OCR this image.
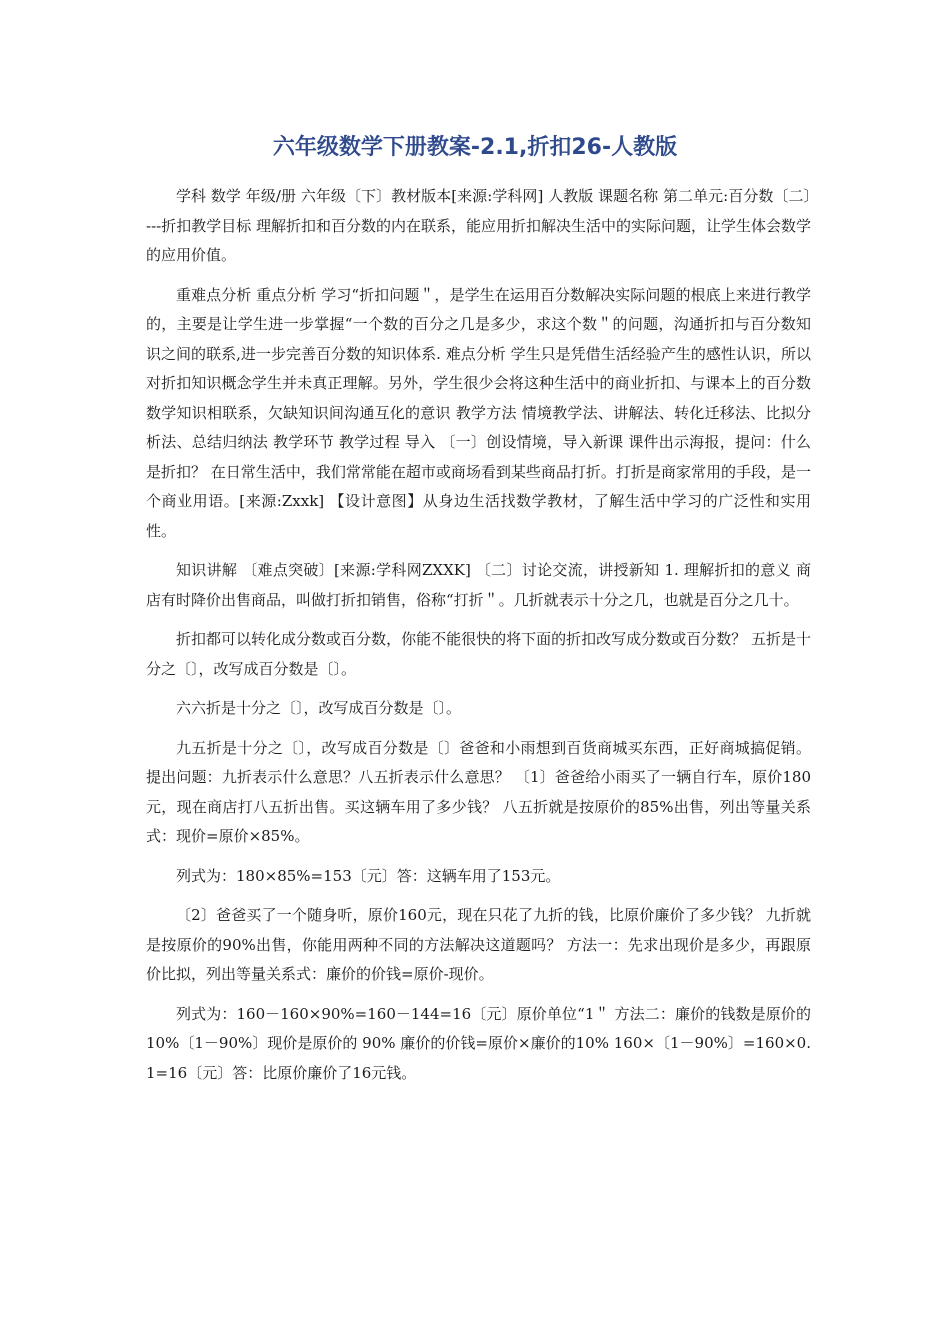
六年级数学下册教案-2.1,折扣26-人教版

学科 数学 年级/册 六年级〔下〕教材版本[来源:学科网] 人教版 课题名称 第二单元:百分数〔二〕---折扣教学目标 理解折扣和百分数的内在联系，能应用折扣解决生活中的实际问题，让学生体会数学的应用价值。

重难点分析 重点分析 学习“折扣问题＂，是学生在运用百分数解决实际问题的根底上来进行教学的，主要是让学生进一步掌握“一个数的百分之几是多少，求这个数＂的问题，沟通折扣与百分数知识之间的联系,进一步完善百分数的知识体系. 难点分析 学生只是凭借生活经验产生的感性认识，所以对折扣知识概念学生并未真正理解。另外，学生很少会将这种生活中的商业折扣、与课本上的百分数数学知识相联系，欠缺知识间沟通互化的意识 教学方法 情境教学法、讲解法、转化迁移法、比拟分析法、总结归纳法 教学环节 教学过程 导入 〔一〕创设情境，导入新课 课件出示海报，提问：什么是折扣？ 在日常生活中，我们常常能在超市或商场看到某些商品打折。打折是商家常用的手段，是一个商业用语。[来源:Zxxk] 【设计意图】从身边生活找数学教材，了解生活中学习的广泛性和实用性。

知识讲解 〔难点突破〕[来源:学科网ZXXK] 〔二〕讨论交流，讲授新知 1. 理解折扣的意义 商店有时降价出售商品，叫做打折扣销售，俗称“打折＂。几折就表示十分之几，也就是百分之几十。

折扣都可以转化成分数或百分数，你能不能很快的将下面的折扣改写成分数或百分数？ 五折是十分之〔〕，改写成百分数是〔〕。

六六折是十分之〔〕，改写成百分数是〔〕。

九五折是十分之〔〕，改写成百分数是〔〕爸爸和小雨想到百货商城买东西，正好商城搞促销。提出问题：九折表示什么意思？八五折表示什么意思？ 〔1〕爸爸给小雨买了一辆自行车，原价180元，现在商店打八五折出售。买这辆车用了多少钱？ 八五折就是按原价的85%出售，列出等量关系式：现价=原价×85%。

列式为：180×85%=153〔元〕答：这辆车用了153元。

〔2〕爸爸买了一个随身听，原价160元，现在只花了九折的钱，比原价廉价了多少钱？ 九折就是按原价的90%出售，你能用两种不同的方法解决这道题吗？ 方法一：先求出现价是多少，再跟原价比拟，列出等量关系式：廉价的价钱=原价-现价。

列式为：160－160×90%=160－144=16〔元〕原价单位“1＂ 方法二：廉价的钱数是原价的10%〔1－90%〕现价是原价的 90% 廉价的价钱=原价×廉价的10% 160×〔1－90%〕=160×0.1=16〔元〕答：比原价廉价了16元钱。
